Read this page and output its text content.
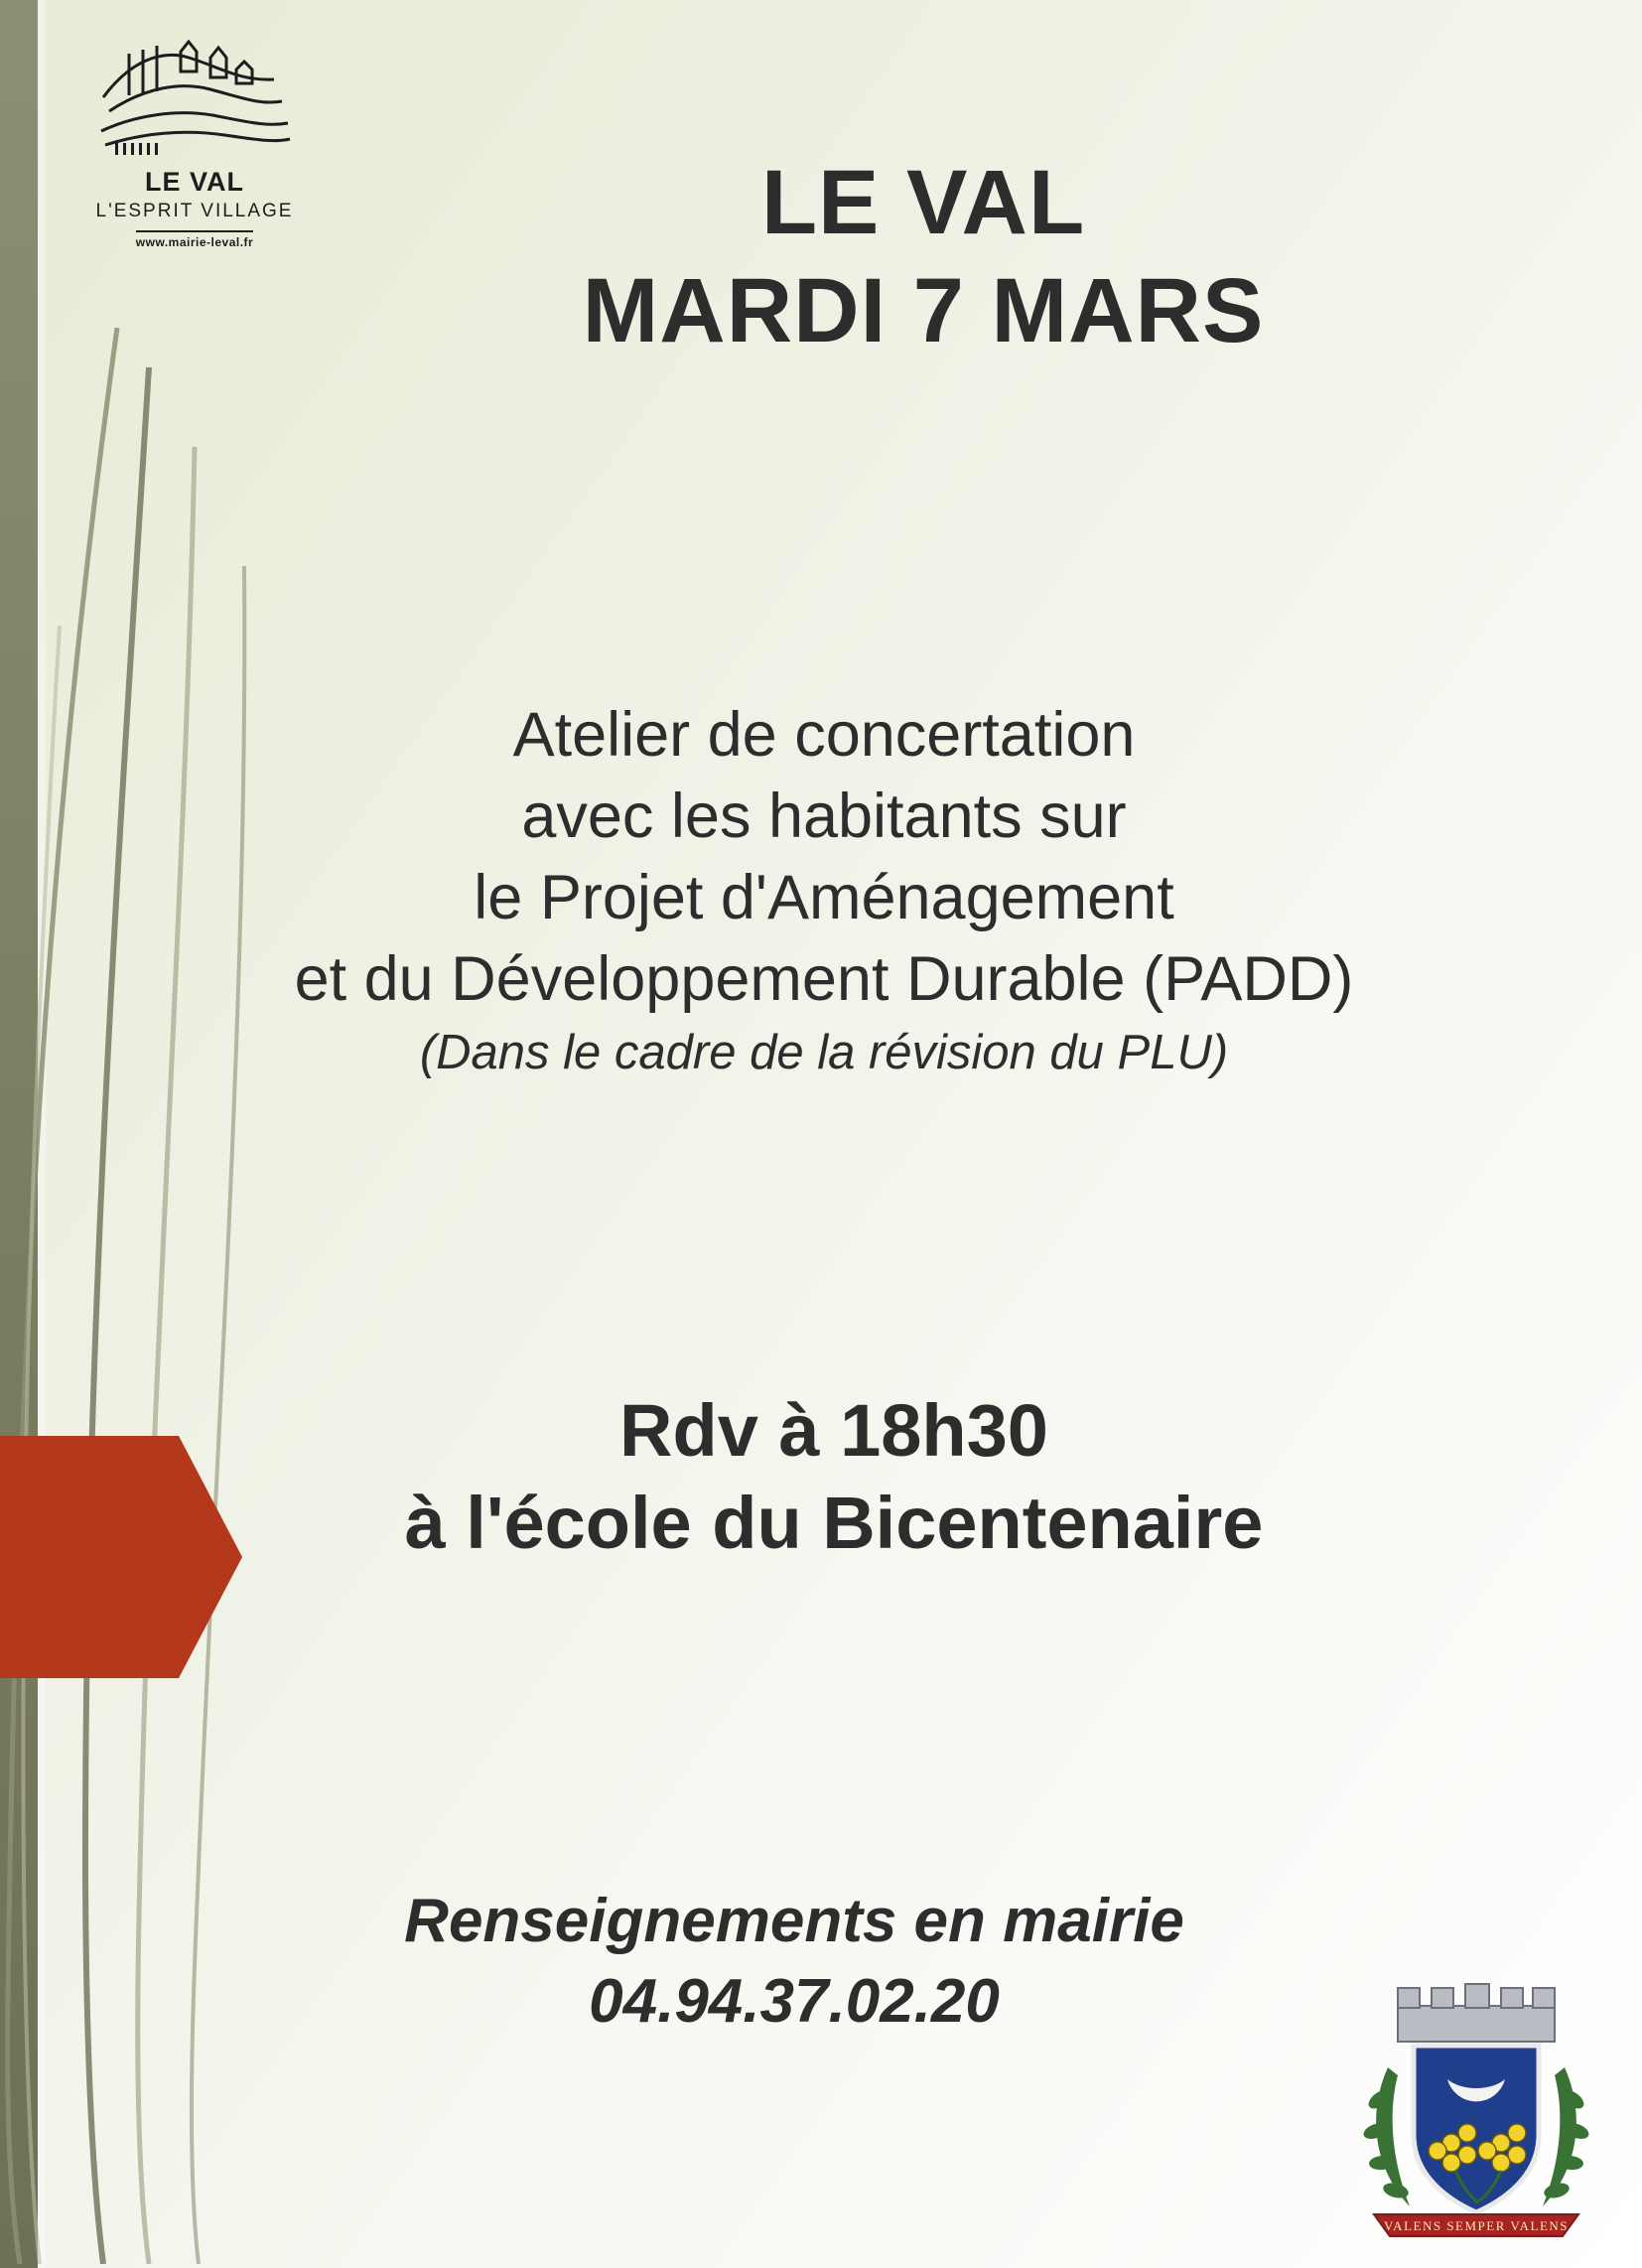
LE VAL
L'ESPRIT VILLAGE
www.mairie-leval.fr	LE VAL
MARDI 7 MARS
Atelier de concertation
avec les habitants sur
le Projet d'Aménagement
et du Développement Durable (PADD)
(Dans le cadre de la révision du PLU)
Rdv à 18h30
à l'école du Bicentenaire
Renseignements en mairie
04.94.37.02.20
VALENS SEMPER VALENS
